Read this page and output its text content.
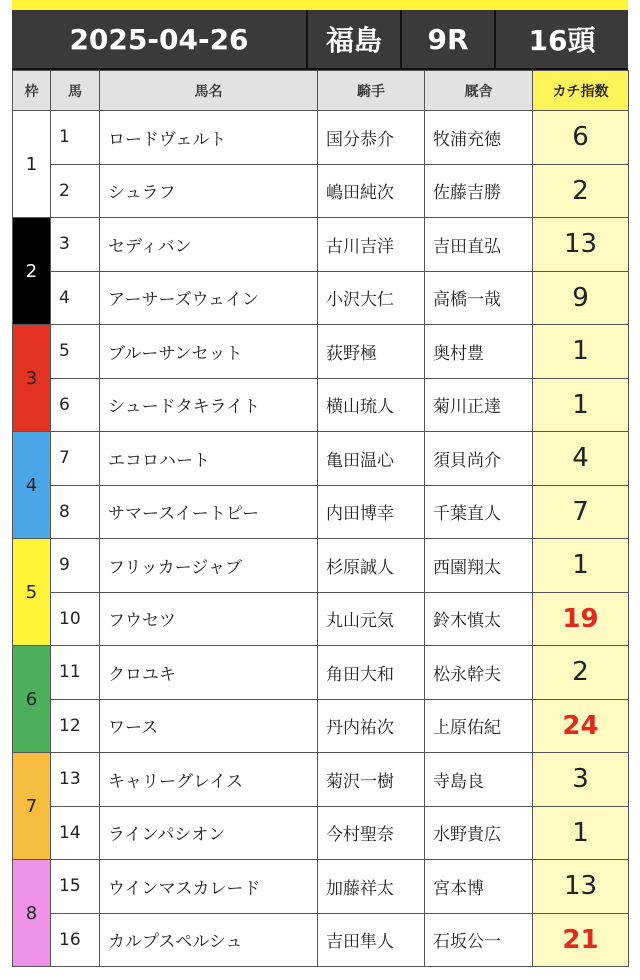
2025-04-26	福島	9R	16頭
枠	馬	馬名	騎手	厩舎	カチ指数
1	1	ロードヴェルト	国分恭介	牧浦充徳	6
	2	シュラフ	嶋田純次	佐藤吉勝	2
2	3	セディバン	古川吉洋	吉田直弘	13
	4	アーサーズウェイン	小沢大仁	高橋一哉	9
3	5	ブルーサンセット	荻野極	奥村豊	1
	6	シュードタキライト	横山琉人	菊川正達	1
4	7	エコロハート	亀田温心	須貝尚介	4
	8	サマースイートピー	内田博幸	千葉直人	7
5	9	フリッカージャブ	杉原誠人	西園翔太	1
	10	フウセツ	丸山元気	鈴木慎太	19
6	11	クロユキ	角田大和	松永幹夫	2
	12	ワース	丹内祐次	上原佑紀	24
7	13	キャリーグレイス	菊沢一樹	寺島良	3
	14	ラインパシオン	今村聖奈	水野貴広	1
8	15	ウインマスカレード	加藤祥太	宮本博	13
	16	カルプスペルシュ	吉田隼人	石坂公一	21
